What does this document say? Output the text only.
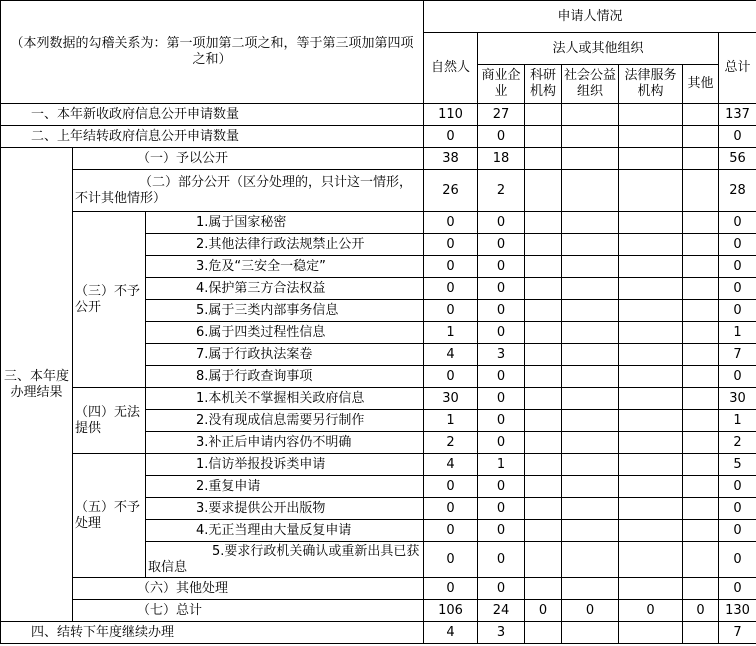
（本列数据的勾稽关系为：第一项加第二项之和，等于第三项加第四项之和）			申请人情况						
			自然人	法人或其他组织					总计
				商业企业	科研机构	社会公益组织	法律服务机构	其他	
一、本年新收政府信息公开申请数量			110	27					137
二、上年结转政府信息公开申请数量			0	0					0
三、本年度办理结果	（一）予以公开		38	18					56
	（二）部分公开（区分处理的，只计这一情形，不计其他情形）		26	2					28
	（三）不予公开	1.属于国家秘密	0	0					0
		2.其他法律行政法规禁止公开	0	0					0
		3.危及“三安全一稳定”	0	0					0
		4.保护第三方合法权益	0	0					0
		5.属于三类内部事务信息	0	0					0
		6.属于四类过程性信息	1	0					1
		7.属于行政执法案卷	4	3					7
		8.属于行政查询事项	0	0					0
	（四）无法提供	1.本机关不掌握相关政府信息	30	0					30
		2.没有现成信息需要另行制作	1	0					1
		3.补正后申请内容仍不明确	2	0					2
	（五）不予处理	1.信访举报投诉类申请	4	1					5
		2.重复申请	0	0					0
		3.要求提供公开出版物	0	0					0
		4.无正当理由大量反复申请	0	0					0
		5.要求行政机关确认或重新出具已获取信息	0	0					0
	（六）其他处理		0	0					0
	（七）总计		106	24	0	0	0	0	130
四、结转下年度继续办理			4	3					7
